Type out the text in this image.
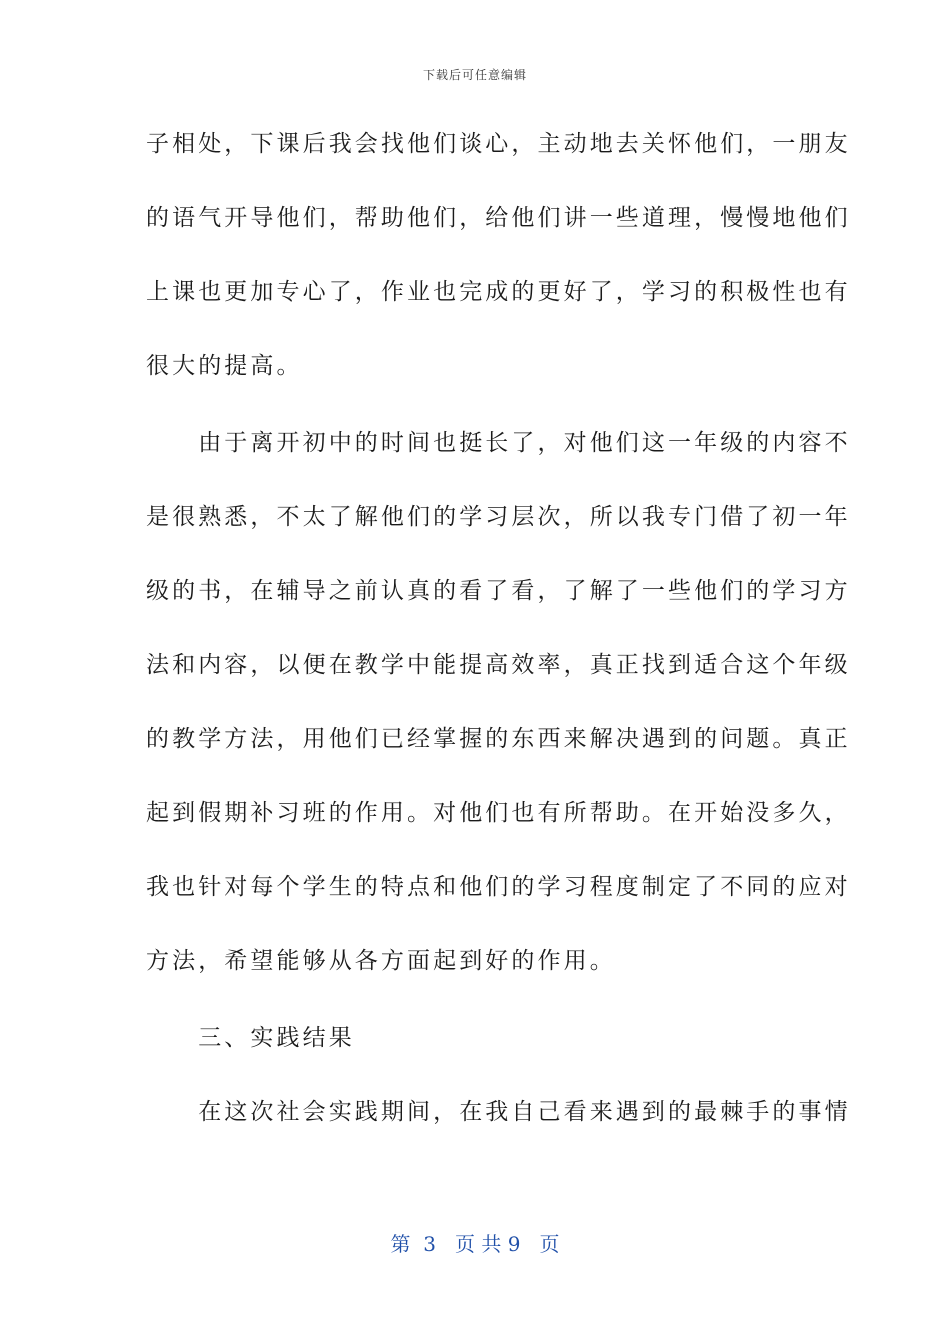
下载后可任意编辑
子相处，下课后我会找他们谈心，主动地去关怀他们，一朋友
的语气开导他们，帮助他们，给他们讲一些道理，慢慢地他们
上课也更加专心了，作业也完成的更好了，学习的积极性也有
很大的提高。
　　由于离开初中的时间也挺长了，对他们这一年级的内容不
是很熟悉，不太了解他们的学习层次，所以我专门借了初一年
级的书，在辅导之前认真的看了看，了解了一些他们的学习方
法和内容，以便在教学中能提高效率，真正找到适合这个年级
的教学方法，用他们已经掌握的东西来解决遇到的问题。真正
起到假期补习班的作用。对他们也有所帮助。在开始没多久，
我也针对每个学生的特点和他们的学习程度制定了不同的应对
方法，希望能够从各方面起到好的作用。
　　三、实践结果
　　在这次社会实践期间，在我自己看来遇到的最棘手的事情
第  3   页 共 9   页
